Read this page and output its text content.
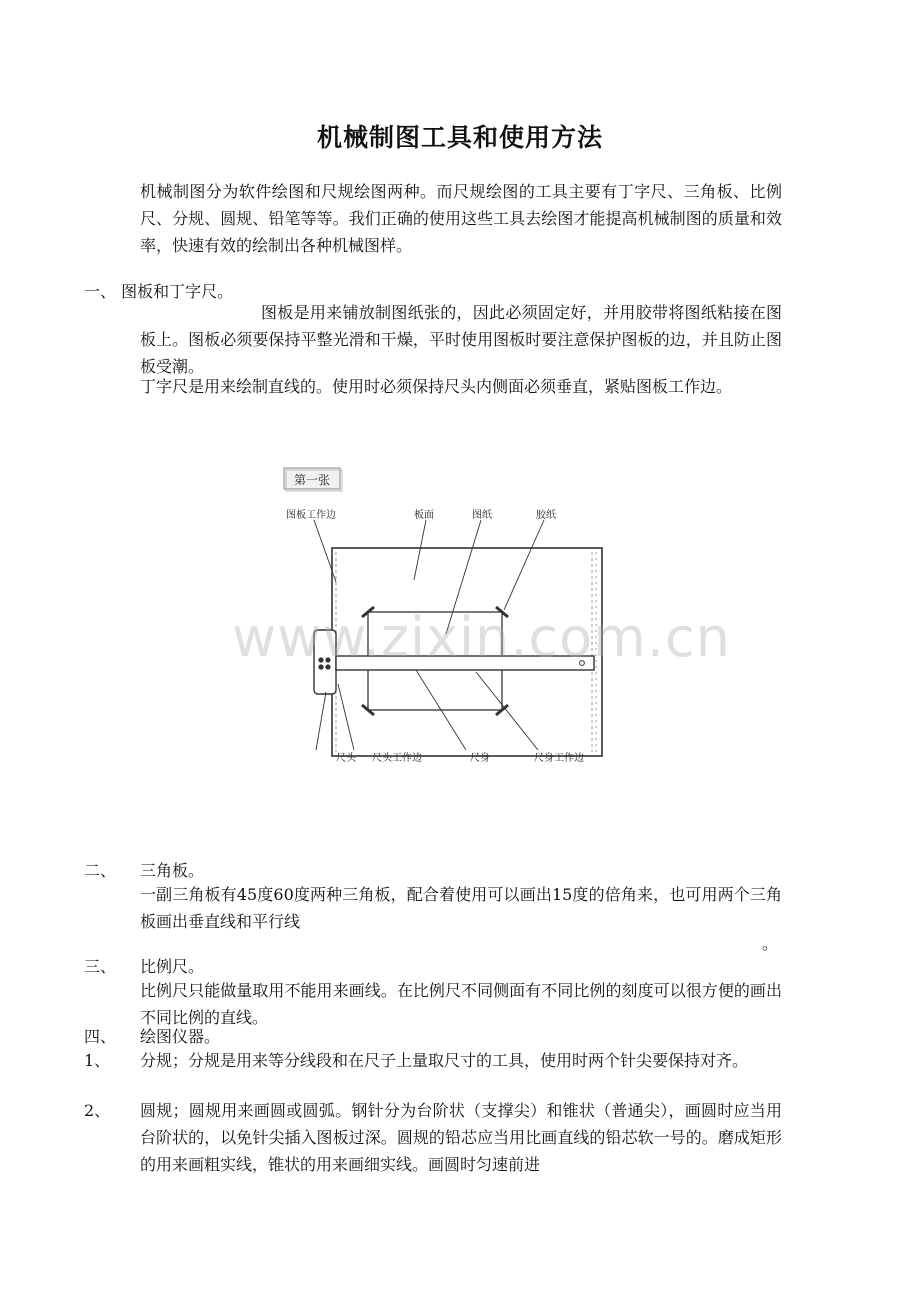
机械制图工具和使用方法

机械制图分为软件绘图和尺规绘图两种。而尺规绘图的工具主要有丁字尺、三角板、比例尺、分规、圆规、铅笔等等。我们正确的使用这些工具去绘图才能提高机械制图的质量和效率，快速有效的绘制出各种机械图样。

一、 图板和丁字尺。

图板是用来铺放制图纸张的，因此必须固定好，并用胶带将图纸粘接在图板上。图板必须要保持平整光滑和干燥，平时使用图板时要注意保护图板的边，并且防止图板受潮。

丁字尺是用来绘制直线的。使用时必须保持尺头内侧面必须垂直，紧贴图板工作边。

第一张
图板工作边	板面	图纸	胶纸
尺头 尺头工作边	尺身	尺身工作边
www.zixin.com.cn
二、 三角板。

一副三角板有45度60度两种三角板，配合着使用可以画出15度的倍角来，也可用两个三角板画出垂直线和平行线

。
三、 比例尺。

比例尺只能做量取用不能用来画线。在比例尺不同侧面有不同比例的刻度可以很方便的画出不同比例的直线。

四、 绘图仪器。
1、 分规；分规是用来等分线段和在尺子上量取尺寸的工具，使用时两个针尖要保持对齐。

2、 圆规；圆规用来画圆或圆弧。钢针分为台阶状（支撑尖）和锥状（普通尖），画圆时应当用台阶状的，以免针尖插入图板过深。圆规的铅芯应当用比画直线的铅芯软一号的。磨成矩形的用来画粗实线，锥状的用来画细实线。画圆时匀速前进
